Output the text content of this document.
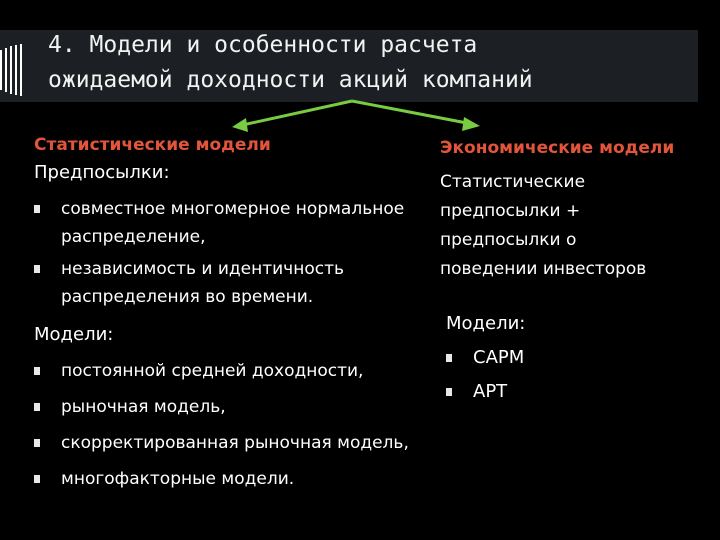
4. Модели и особенности расчета
ожидаемой доходности акций компаний
Статистические модели
Предпосылки:
совместное многомерное нормальное распределение,
независимость и идентичность распределения во времени.
Модели:
постоянной средней доходности,
рыночная модель,
скорректированная рыночная модель,
многофакторные модели.
Экономические модели
Статистические
предпосылки +
предпосылки о
поведении инвесторов
Модели:
CAPM
APT
